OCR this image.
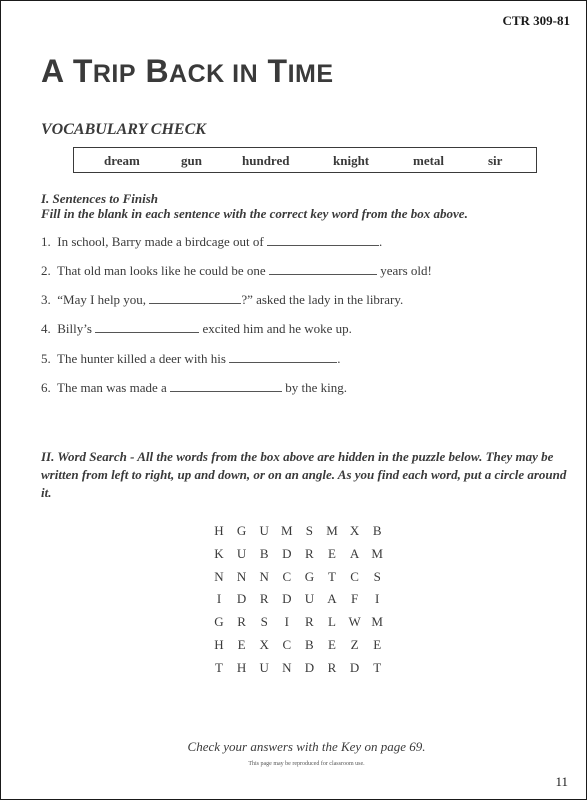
CTR 309-81
A TRIP BACK IN TIME
VOCABULARY CHECK
dream	gun	hundred	knight	metal	sir
I. Sentences to Finish
Fill in the blank in each sentence with the correct key word from the box above.
1. In school, Barry made a birdcage out of	.
2. That old man looks like he could be one	years old!
3. “May I help you,	?” asked the lady in the library.
4. Billy’s	excited him and he woke up.
5. The hunter killed a deer with his	.
6. The man was made a	by the king.

II. Word Search - All the words from the box above are hidden in the puzzle below. They may be written from left to right, up and down, or on an angle. As you find each word, put a circle around it.

H	G	U M	S	M X	B
K	U	B	D	R	E	A M
N	N	N	C	G	T	C	S
I	D	R	D	U	A	F	I
G	R	S	I	R	L W M
H	E	X	C	B	E	Z	E
T	H	U	N	D	R	D	T
Check your answers with the Key on page 69.
This page may be reproduced for classroom use.
11
